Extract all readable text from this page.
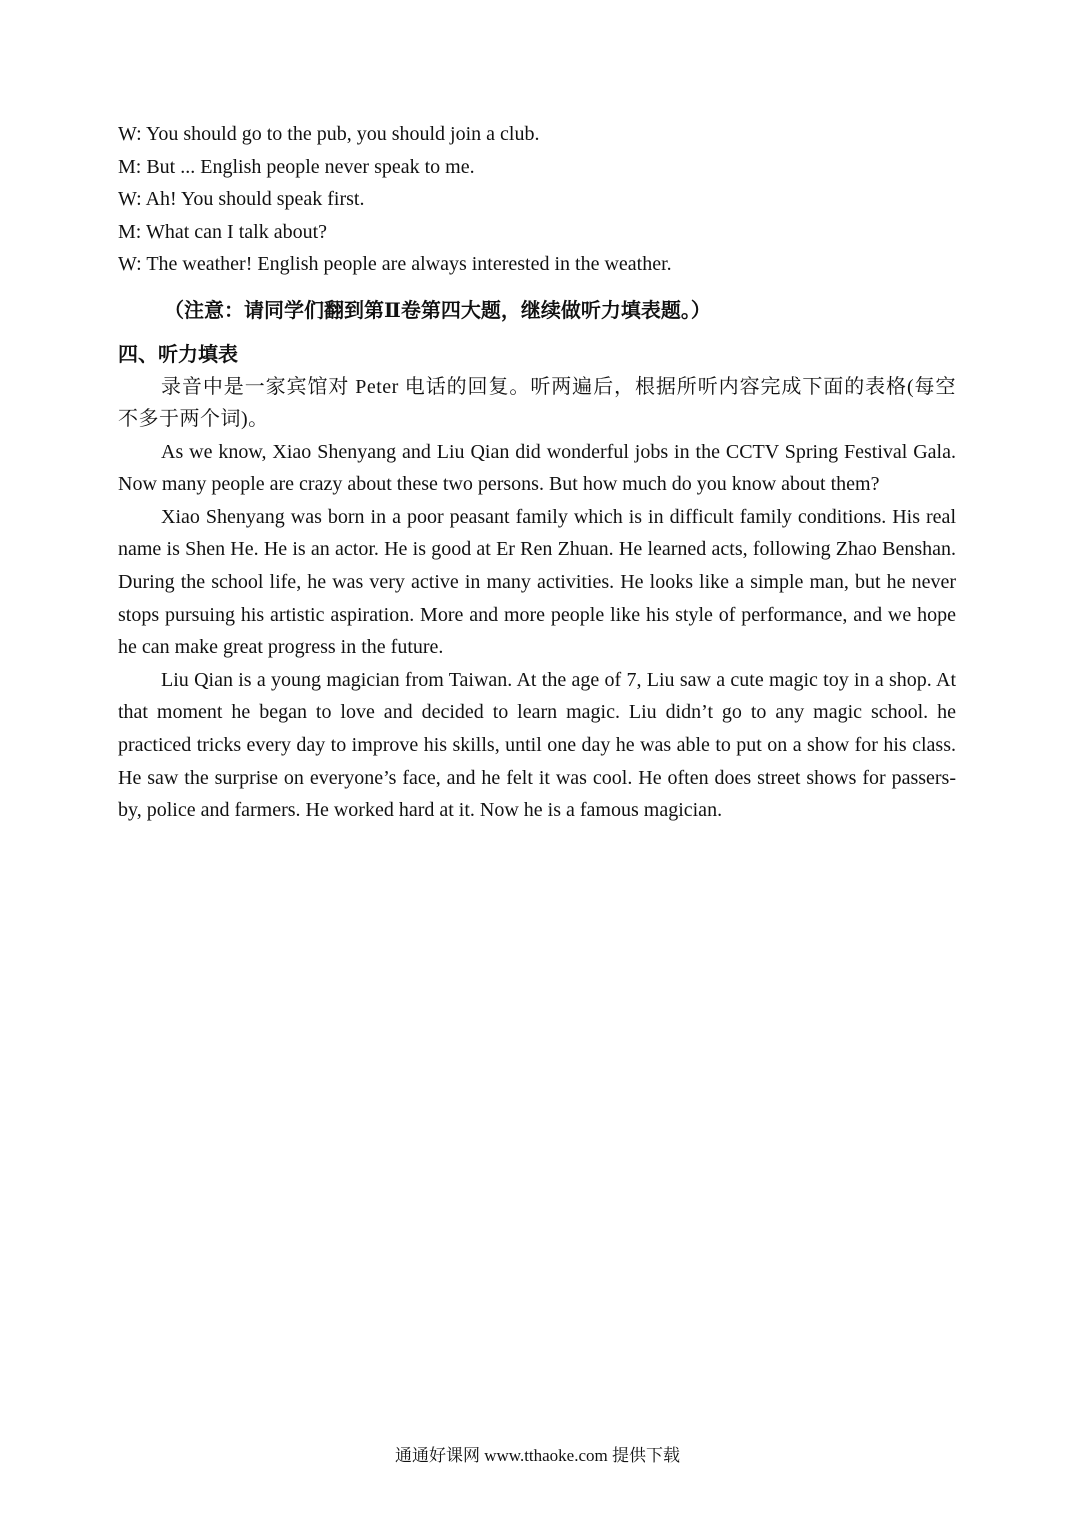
W: You should go to the pub, you should join a club.
M: But ... English people never speak to me.
W: Ah! You should speak first.
M: What can I talk about?
W: The weather! English people are always interested in the weather.
（注意：请同学们翻到第Ⅱ卷第四大题，继续做听力填表题。）
四、听力填表

录音中是一家宾馆对 Peter 电话的回复。听两遍后，根据所听内容完成下面的表格(每空不多于两个词)。

As we know, Xiao Shenyang and Liu Qian did wonderful jobs in the CCTV Spring Festival Gala. Now many people are crazy about these two persons. But how much do you know about them?

Xiao Shenyang was born in a poor peasant family which is in difficult family conditions. His real name is Shen He. He is an actor. He is good at Er Ren Zhuan. He learned acts, following Zhao Benshan. During the school life, he was very active in many activities. He looks like a simple man, but he never stops pursuing his artistic aspiration. More and more people like his style of performance, and we hope he can make great progress in the future.

Liu Qian is a young magician from Taiwan. At the age of 7, Liu saw a cute magic toy in a shop. At that moment he began to love and decided to learn magic. Liu didn’t go to any magic school. he practiced tricks every day to improve his skills, until one day he was able to put on a show for his class. He saw the surprise on everyone’s face, and he felt it was cool. He often does street shows for passers-by, police and farmers. He worked hard at it. Now he is a famous magician.

通通好课网 www.tthaoke.com 提供下载
